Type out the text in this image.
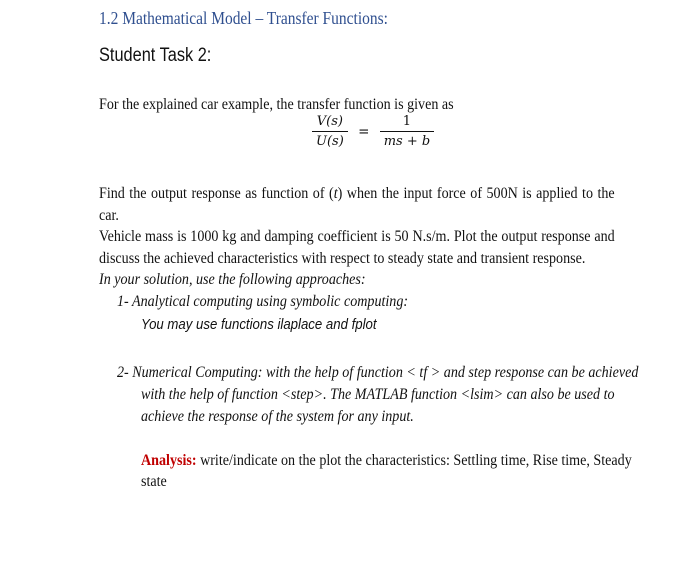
1.2 Mathematical Model – Transfer Functions:
Student Task 2:
For the explained car example, the transfer function is given as
$\frac{V(s)}{U(s)} = \frac{1}{ms + b}$
Find the output response as function of (t) when the input force of 500N is applied to the car.
Vehicle mass is 1000 kg and damping coefficient is 50 N.s/m. Plot the output response and
discuss the achieved characteristics with respect to steady state and transient response.
In your solution, use the following approaches:
1- Analytical computing using symbolic computing:
You may use functions ilaplace and fplot
2- Numerical Computing: with the help of function < tf > and step response can be achieved
with the help of function <step>. The MATLAB function <lsim> can also be used to
achieve the response of the system for any input.
Analysis: write/indicate on the plot the characteristics: Settling time, Rise time, Steady
state
